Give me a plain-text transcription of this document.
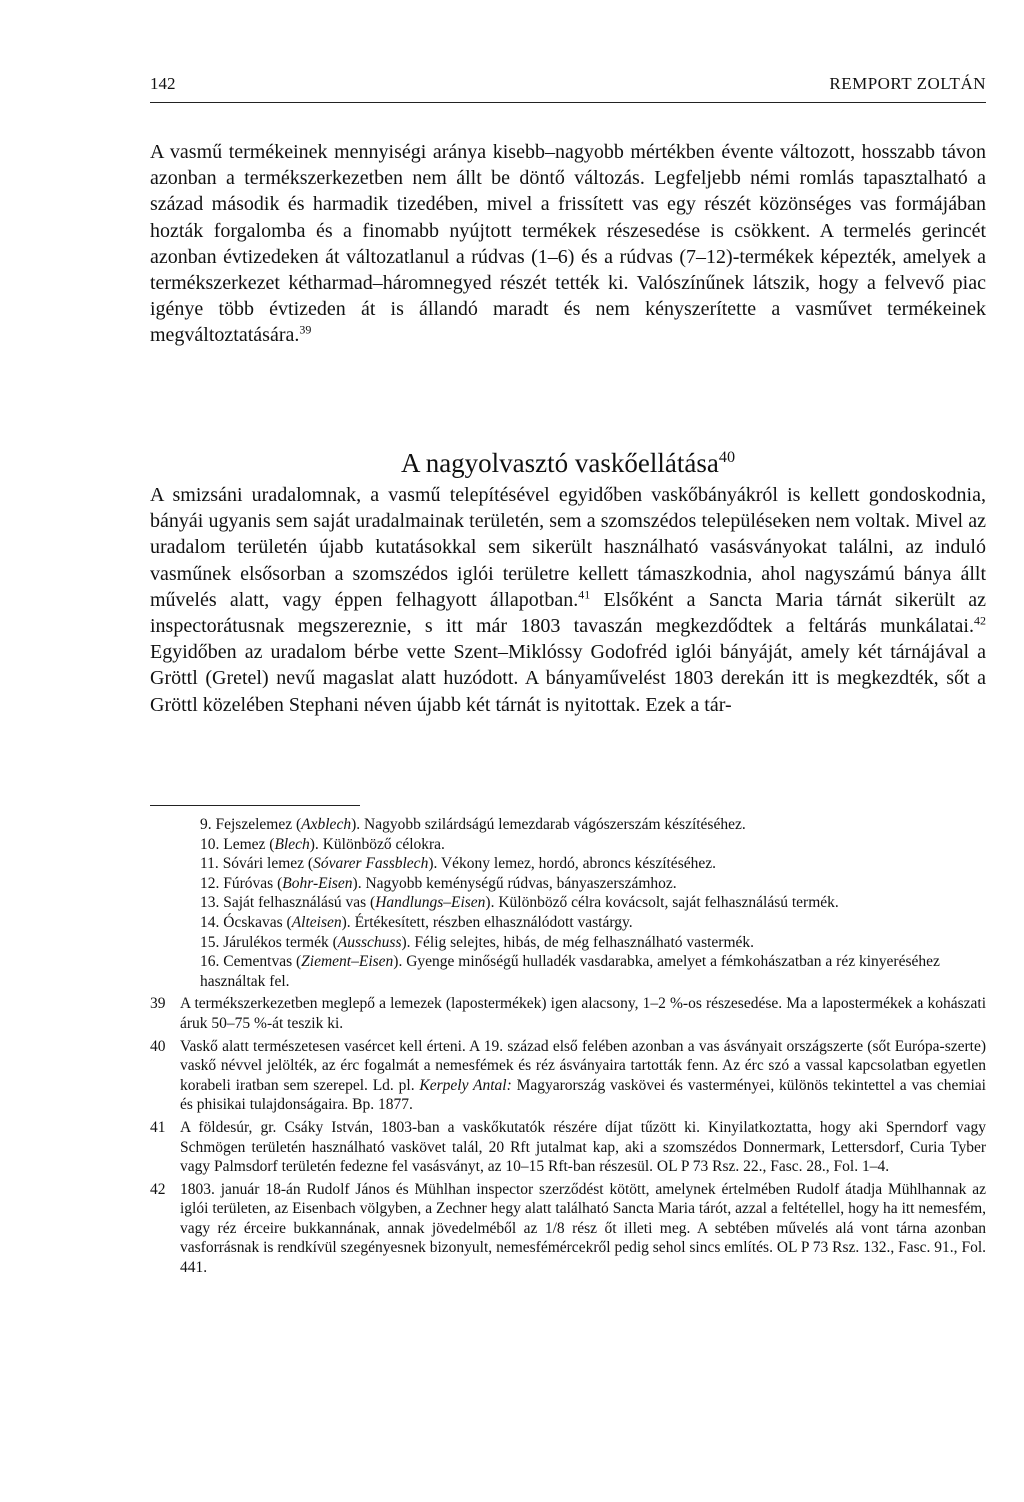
142	REMPORT ZOLTÁN

A vasmű termékeinek mennyiségi aránya kisebb–nagyobb mértékben évente változott, hosszabb távon azonban a termékszerkezetben nem állt be döntő változás. Legfeljebb némi romlás tapasztalható a század második és harmadik tizedében, mivel a frissített vas egy részét közönséges vas formájában hozták forgalomba és a finomabb nyújtott termékek részesedése is csökkent. A termelés gerincét azonban évtizedeken át változatlanul a rúdvas (1–6) és a rúdvas (7–12)-termékek képezték, amelyek a termékszerkezet kétharmad–háromnegyed részét tették ki. Valószínűnek látszik, hogy a felvevő piac igénye több évtizeden át is állandó maradt és nem kényszerítette a vasművet termékeinek megváltoztatására.$^{39}$

A nagyolvasztó vaskőellátása$^{40}$

A smizsáni uradalomnak, a vasmű telepítésével egyidőben vaskőbányákról is kellett gondoskodnia, bányái ugyanis sem saját uradalmainak területén, sem a szomszédos településeken nem voltak. Mivel az uradalom területén újabb kutatásokkal sem sikerült használható vasásványokat találni, az induló vasműnek elsősorban a szomszédos iglói területre kellett támaszkodnia, ahol nagyszámú bánya állt művelés alatt, vagy éppen felhagyott állapotban.$^{41}$ Elsőként a Sancta Maria tárnát sikerült az inspectorátusnak megszereznie, s itt már 1803 tavaszán megkezdődtek a feltárás munkálatai.$^{42}$ Egyidőben az uradalom bérbe vette Szent–Miklóssy Godofréd iglói bányáját, amely két tárnájával a Gröttl (Gretel) nevű magaslat alatt huzódott. A bányaművelést 1803 derekán itt is megkezdték, sőt a Gröttl közelében Stephani néven újabb két tárnát is nyitottak. Ezek a tár-

9. Fejszelemez (Axblech). Nagyobb szilárdságú lemezdarab vágószerszám készítéséhez.
10. Lemez (Blech). Különböző célokra.
11. Sóvári lemez (Sóvarer Fassblech). Vékony lemez, hordó, abroncs készítéséhez.
12. Fúróvas (Bohr-Eisen). Nagyobb keménységű rúdvas, bányaszerszámhoz.
13. Saját felhasználású vas (Handlungs–Eisen). Különböző célra kovácsolt, saját felhasználású termék.
14. Ócskavas (Alteisen). Értékesített, részben elhasználódott vastárgy.
15. Járulékos termék (Ausschuss). Félig selejtes, hibás, de még felhasználható vastermék.
16. Cementvas (Ziement–Eisen). Gyenge minőségű hulladék vasdarabka, amelyet a fémkohászatban a réz kinyeréséhez használtak fel.
39 A termékszerkezetben meglepő a lemezek (lapostermékek) igen alacsony, 1–2 %-os részesedése. Ma a lapostermékek a kohászati áruk 50–75 %-át teszik ki.
40 Vaskő alatt természetesen vasércet kell érteni. A 19. század első felében azonban a vas ásványait országszerte (sőt Európa-szerte) vaskő névvel jelölték, az érc fogalmát a nemesfémek és réz ásványaira tartották fenn. Az érc szó a vassal kapcsolatban egyetlen korabeli iratban sem szerepel. Ld. pl. Kerpely Antal: Magyarország vaskövei és vasterményei, különös tekintettel a vas chemiai és phisikai tulajdonságaira. Bp. 1877.
41 A földesúr, gr. Csáky István, 1803-ban a vaskőkutatók részére díjat tűzött ki. Kinyilatkoztatta, hogy aki Sperndorf vagy Schmögen területén használható vaskövet talál, 20 Rft jutalmat kap, aki a szomszédos Donnermark, Lettersdorf, Curia Tyber vagy Palmsdorf területén fedezne fel vasásványt, az 10–15 Rft-ban részesül. OL P 73 Rsz. 22., Fasc. 28., Fol. 1–4.
42 1803. január 18-án Rudolf János és Mühlhan inspector szerződést kötött, amelynek értelmében Rudolf átadja Mühlhannak az iglói területen, az Eisenbach völgyben, a Zechner hegy alatt található Sancta Maria tárót, azzal a feltétellel, hogy ha itt nemesfém, vagy réz érceire bukkannának, annak jövedelméből az 1/8 rész őt illeti meg. A sebtében művelés alá vont tárna azonban vasforrásnak is rendkívül szegényesnek bizonyult, nemesfémércekről pedig sehol sincs említés. OL P 73 Rsz. 132., Fasc. 91., Fol. 441.
